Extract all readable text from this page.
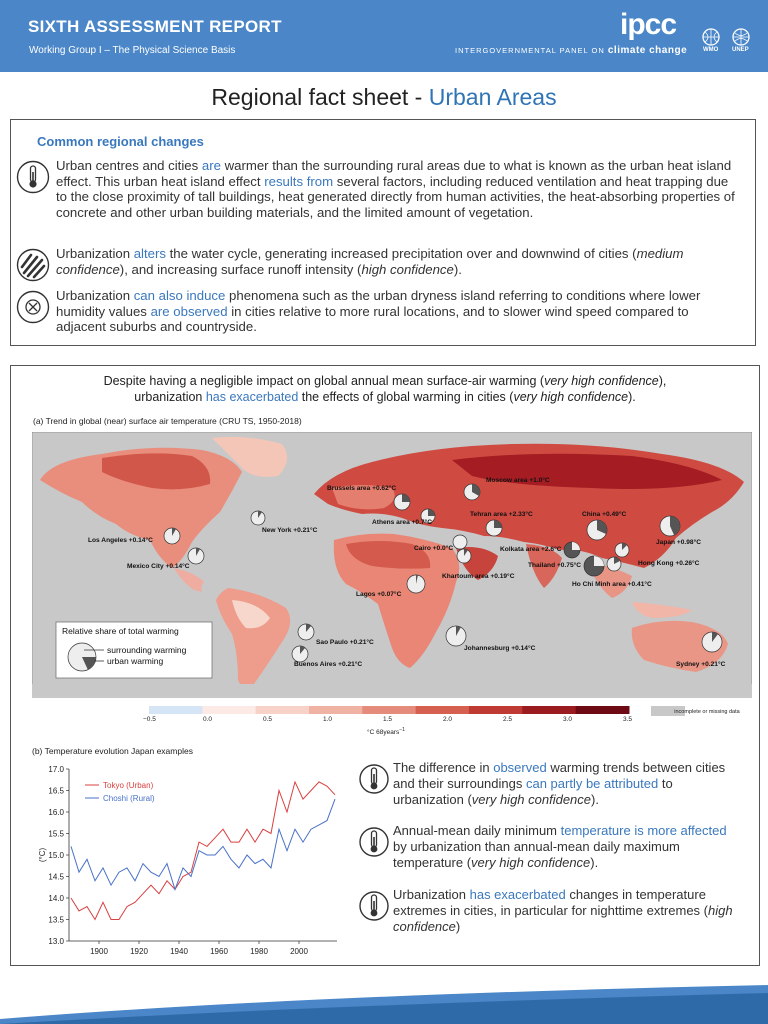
SIXTH ASSESSMENT REPORT
Working Group I – The Physical Science Basis
ipcc
INTERGOVERNMENTAL PANEL ON climate change	WMO UNEP
Regional fact sheet - Urban Areas
Common regional changes
Urban centres and cities are warmer than the surrounding rural areas due to what is known as the urban heat island effect. This urban heat island effect results from several factors, including reduced ventilation and heat trapping due to the close proximity of tall buildings, heat generated directly from human activities, the heat-absorbing properties of concrete and other urban building materials, and the limited amount of vegetation.
Urbanization alters the water cycle, generating increased precipitation over and downwind of cities (medium confidence), and increasing surface runoff intensity (high confidence).
Urbanization can also induce phenomena such as the urban dryness island referring to conditions where lower humidity values are observed in cities relative to more rural locations, and to slower wind speed compared to adjacent suburbs and countryside.
Despite having a negligible impact on global annual mean surface-air warming (very high confidence),
urbanization has exacerbated the effects of global warming in cities (very high confidence).
(a) Trend in global (near) surface air temperature (CRU TS, 1950-2018)
Brussels area +0.62°C
Moscow area +1.0°C
Tehran area +2.33°C	China +0.49°C
Athens area +0.7°C
New York +0.21°C
Japan +0.98°C
Los Angeles +0.14°C
Cairo +0.0°C	Kolkata area +2.6°C
Hong Kong +0.26°C
Mexico City +0.14°C	Thailand +0.75°C
Khartoum area +0.19°C
Ho Chi Minh area +0.41°C
Lagos +0.07°C
Sao Paulo +0.21°C
Buenos Aires +0.21°C
Johannesburg +0.14°C
Sydney +0.21°C
Relative share of total warming
surrounding warming
urban warming
−0.5	0.0	0.5	1.0	1.5	2.0	2.5	3.0	3.5
°C 68years$^{-1}$
incomplete or missing data
(b) Temperature evolution Japan examples
13.0
13.5
14.0
14.5
15.0
15.5
16.0
16.5
17.0
1900	1920	1940	1960	1980	2000
(°C)
Tokyo (Urban)
Choshi (Rural)
The difference in observed warming trends between cities and their surroundings can partly be attributed to urbanization (very high confidence).
Annual-mean daily minimum temperature is more affected by urbanization than annual-mean daily maximum temperature (very high confidence).
Urbanization has exacerbated changes in temperature extremes in cities, in particular for nighttime extremes (high confidence)
